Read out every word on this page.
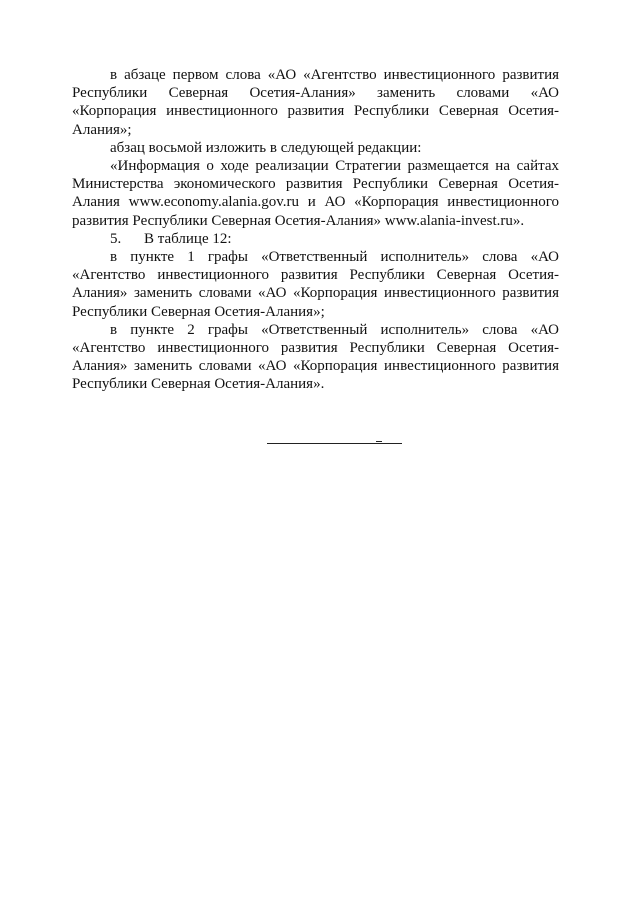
в абзаце первом слова «АО «Агентство инвестиционного развития Республики Северная Осетия-Алания» заменить словами «АО «Корпорация инвестиционного развития Республики Северная Осетия-Алания»;

абзац восьмой изложить в следующей редакции:

«Информация о ходе реализации Стратегии размещается на сайтах Министерства экономического развития Республики Северная Осетия-Алания www.economy.alania.gov.ru и АО «Корпорация инвестиционного развития Республики Северная Осетия-Алания» www.alania-invest.ru».

5. В таблице 12:

в пункте 1 графы «Ответственный исполнитель» слова «АО «Агентство инвестиционного развития Республики Северная Осетия-Алания» заменить словами «АО «Корпорация инвестиционного развития Республики Северная Осетия-Алания»;

в пункте 2 графы «Ответственный исполнитель» слова «АО «Агентство инвестиционного развития Республики Северная Осетия-Алания» заменить словами «АО «Корпорация инвестиционного развития Республики Северная Осетия-Алания».
